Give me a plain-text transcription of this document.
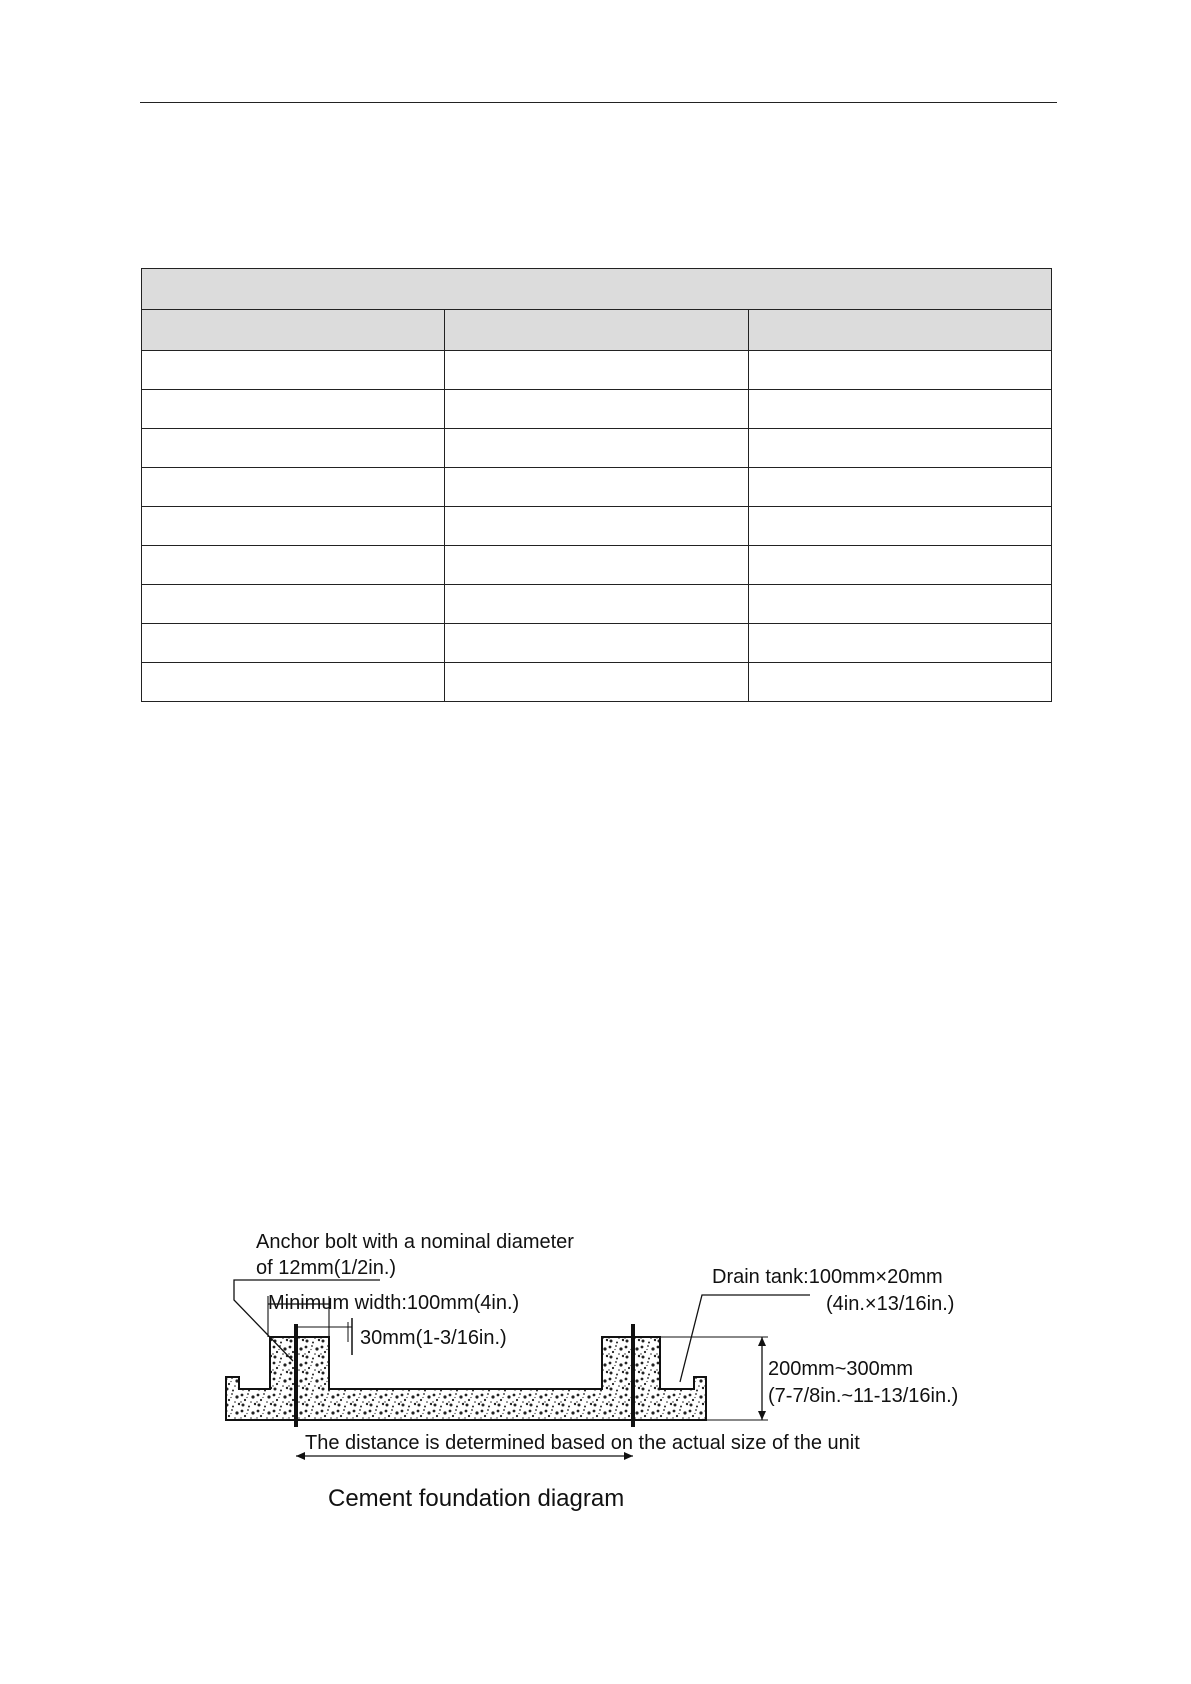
Anchor bolt with a nominal diameter
of 12mm(1/2in.)
Minimum width:100mm(4in.)
30mm(1-3/16in.)
Drain tank:100mm×20mm
(4in.×13/16in.)
200mm~300mm
(7-7/8in.~11-13/16in.)
The distance is determined based on the actual size of the unit
Cement foundation diagram
